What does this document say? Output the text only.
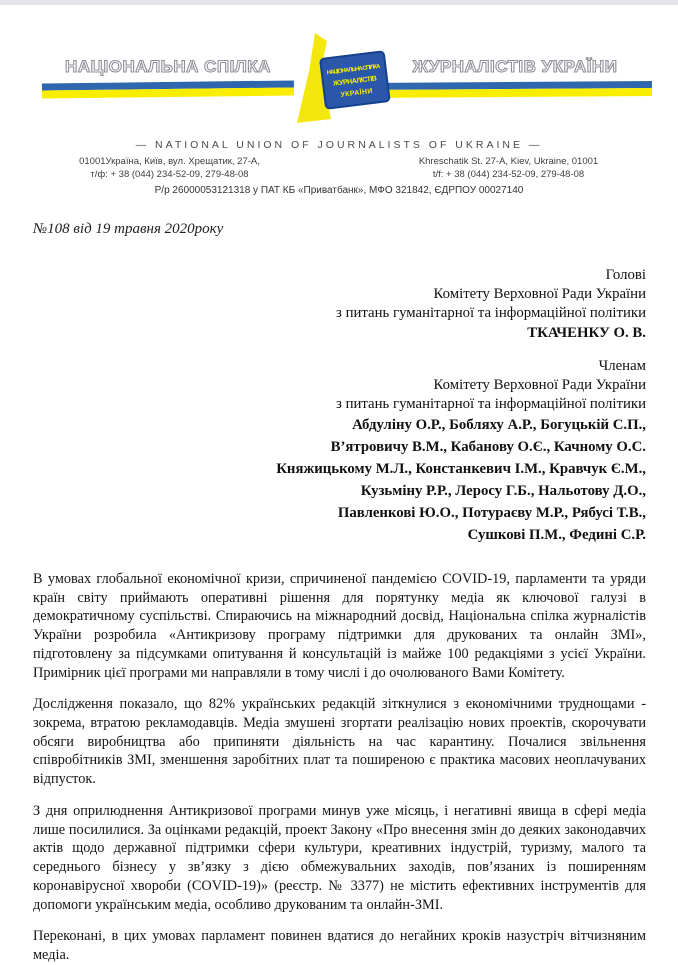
НАЦІОНАЛЬНА СПІЛКА	ЖУРНАЛІСТІВ УКРАЇНИ
НАЦІОНАЛЬНА СПІЛКА
ЖУРНАЛІСТІВ
УКРАЇНИ
— NATIONAL UNION OF JOURNALISTS OF UKRAINE —
01001Україна, Київ, вул. Хрещатик, 27-А,
т/ф: + 38 (044) 234-52-09, 279-48-08
Khreschatik St. 27-A, Kiev, Ukraine, 01001
t/f: + 38 (044) 234-52-09, 279-48-08
Р/р 26000053121318 у ПАТ КБ «Приватбанк», МФО 321842, ЄДРПОУ 00027140
№108 від 19 травня 2020року
Голові
Комітету Верховної Ради України
з питань гуманітарної та інформаційної політики
ТКАЧЕНКУ О. В.
Членам
Комітету Верховної Ради України
з питань гуманітарної та інформаційної політики
Абдуліну О.Р., Бобляху А.Р., Богуцькій С.П.,
В’ятровичу В.М., Кабанову О.Є., Качному О.С.
Княжицькому М.Л., Констанкевич І.М., Кравчук Є.М.,
Кузьміну Р.Р., Леросу Г.Б., Нальотову Д.О.,
Павленкові Ю.О., Потураєву М.Р., Рябусі Т.В.,
Сушкові П.М., Федині С.Р.

В умовах глобальної економічної кризи, спричиненої пандемією COVID-19, парламенти та уряди країн світу приймають оперативні рішення для порятунку медіа як ключової галузі в демократичному суспільстві. Спираючись на міжнародний досвід, Національна спілка журналістів України розробила «Антикризову програму підтримки для друкованих та онлайн ЗМІ», підготовлену за підсумками опитування й консультацій із майже 100 редакціями з усієї України. Примірник цієї програми ми направляли в тому числі і до очолюваного Вами Комітету.

Дослідження показало, що 82% українських редакцій зіткнулися з економічними труднощами - зокрема, втратою рекламодавців. Медіа змушені згортати реалізацію нових проектів, скорочувати обсяги виробництва або припиняти діяльність на час карантину. Почалися звільнення співробітників ЗМІ, зменшення заробітних плат та поширеною є практика масових неоплачуваних відпусток.

З дня оприлюднення Антикризової програми минув уже місяць, і негативні явища в сфері медіа лише посилилися. За оцінками редакцій, проект Закону «Про внесення змін до деяких законодавчих актів щодо державної підтримки сфери культури, креативних індустрій, туризму, малого та середнього бізнесу у зв’язку з дією обмежувальних заходів, пов’язаних із поширенням коронавірусної хвороби (COVID-19)» (реєстр. № 3377) не містить ефективних інструментів для допомоги українським медіа, особливо друкованим та онлайн-ЗМІ.

Переконані, в цих умовах парламент повинен вдатися до негайних кроків назустріч вітчизняним медіа.
